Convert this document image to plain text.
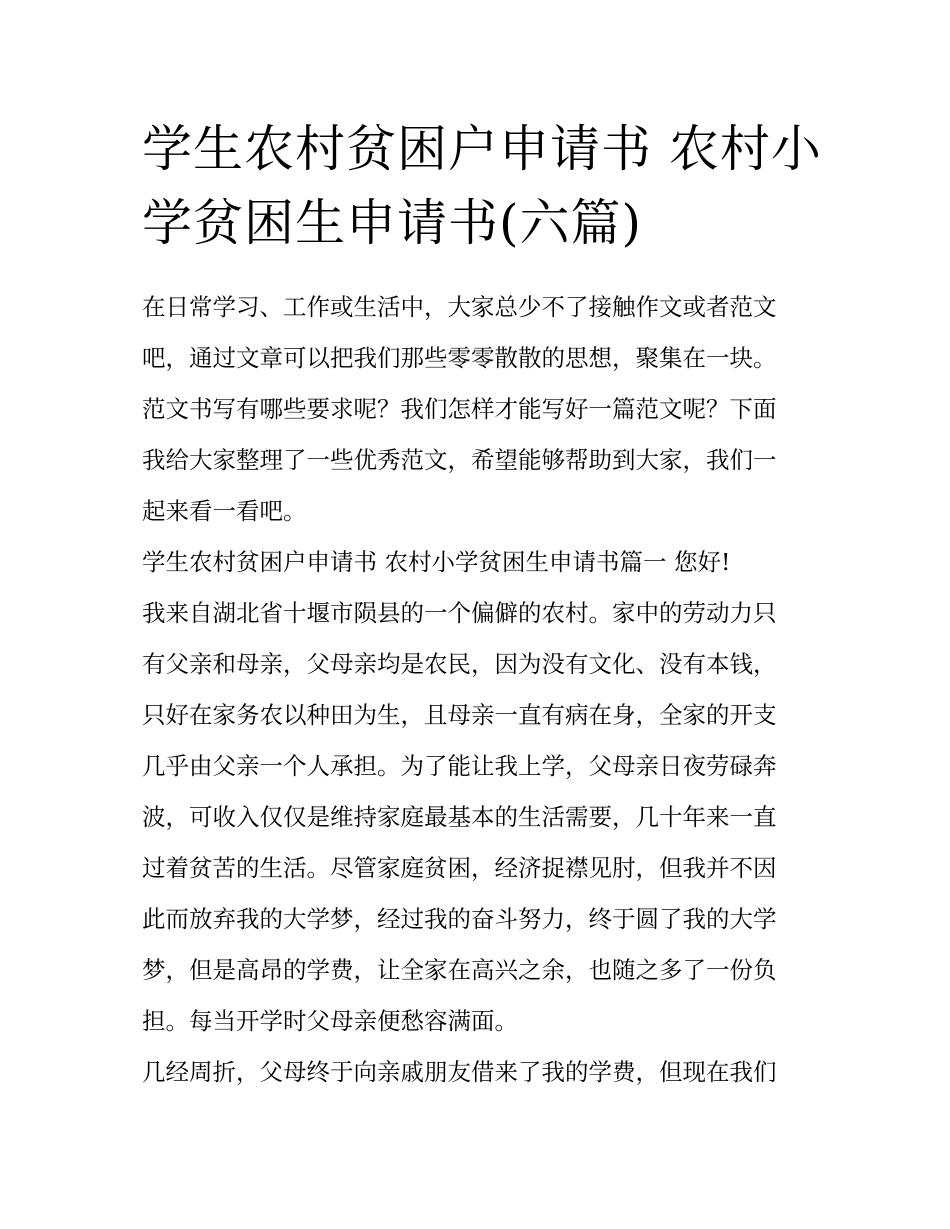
学生农村贫困户申请书 农村小
学贫困生申请书(六篇)
在日常学习、工作或生活中，大家总少不了接触作文或者范文
吧，通过文章可以把我们那些零零散散的思想，聚集在一块。
范文书写有哪些要求呢？我们怎样才能写好一篇范文呢？下面
我给大家整理了一些优秀范文，希望能够帮助到大家，我们一
起来看一看吧。

学生农村贫困户申请书 农村小学贫困生申请书篇一 您好!

我来自湖北省十堰市陨县的一个偏僻的农村。家中的劳动力只
有父亲和母亲，父母亲均是农民，因为没有文化、没有本钱，
只好在家务农以种田为生，且母亲一直有病在身，全家的开支
几乎由父亲一个人承担。为了能让我上学，父母亲日夜劳碌奔
波，可收入仅仅是维持家庭最基本的生活需要，几十年来一直
过着贫苦的生活。尽管家庭贫困，经济捉襟见肘，但我并不因
此而放弃我的大学梦，经过我的奋斗努力，终于圆了我的大学
梦，但是高昂的学费，让全家在高兴之余，也随之多了一份负
担。每当开学时父母亲便愁容满面。
几经周折，父母终于向亲戚朋友借来了我的学费，但现在我们
